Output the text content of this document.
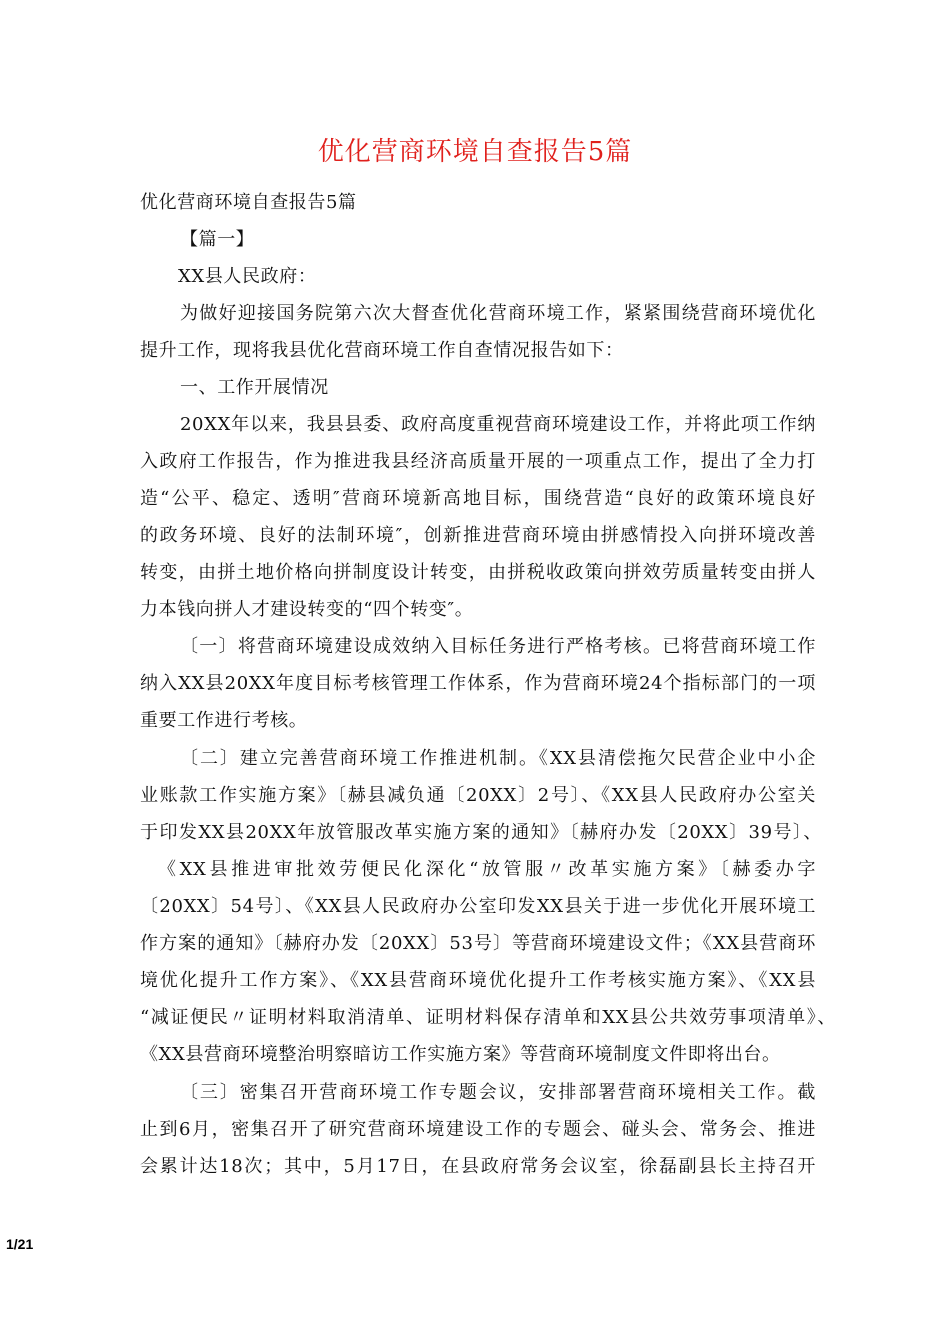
优化营商环境自查报告5篇
优化营商环境自查报告5篇
【篇一】
XX县人民政府：
为做好迎接国务院第六次大督查优化营商环境工作，紧紧围绕营商环境优化
提升工作，现将我县优化营商环境工作自查情况报告如下：
一、工作开展情况
20XX年以来，我县县委、政府高度重视营商环境建设工作，并将此项工作纳
入政府工作报告，作为推进我县经济高质量开展的一项重点工作，提出了全力打
造“公平、稳定、透明″营商环境新高地目标，围绕营造“良好的政策环境良好
的政务环境、良好的法制环境″，创新推进营商环境由拼感情投入向拼环境改善
转变，由拼土地价格向拼制度设计转变，由拼税收政策向拼效劳质量转变由拼人
力本钱向拼人才建设转变的“四个转变″。
〔一〕将营商环境建设成效纳入目标任务进行严格考核。已将营商环境工作
纳入XX县20XX年度目标考核管理工作体系，作为营商环境24个指标部门的一项
重要工作进行考核。
〔二〕建立完善营商环境工作推进机制。《XX县清偿拖欠民营企业中小企
业账款工作实施方案》〔赫县减负通〔20XX〕2号〕、《XX县人民政府办公室关
于印发XX县20XX年放管服改革实施方案的通知》〔赫府办发〔20XX〕39号〕、
《XX县推进审批效劳便民化深化“放管服〃改革实施方案》〔赫委办字
〔20XX〕54号〕、《XX县人民政府办公室印发XX县关于进一步优化开展环境工
作方案的通知》〔赫府办发〔20XX〕53号〕等营商环境建设文件；《XX县营商环
境优化提升工作方案》、《XX县营商环境优化提升工作考核实施方案》、《XX县
“减证便民〃证明材料取消清单、证明材料保存清单和XX县公共效劳事项清单》、
《XX县营商环境整治明察暗访工作实施方案》等营商环境制度文件即将出台。
〔三〕密集召开营商环境工作专题会议，安排部署营商环境相关工作。截
止到6月，密集召开了研究营商环境建设工作的专题会、碰头会、常务会、推进
会累计达18次；其中，5月17日，在县政府常务会议室，徐磊副县长主持召开
1/21
